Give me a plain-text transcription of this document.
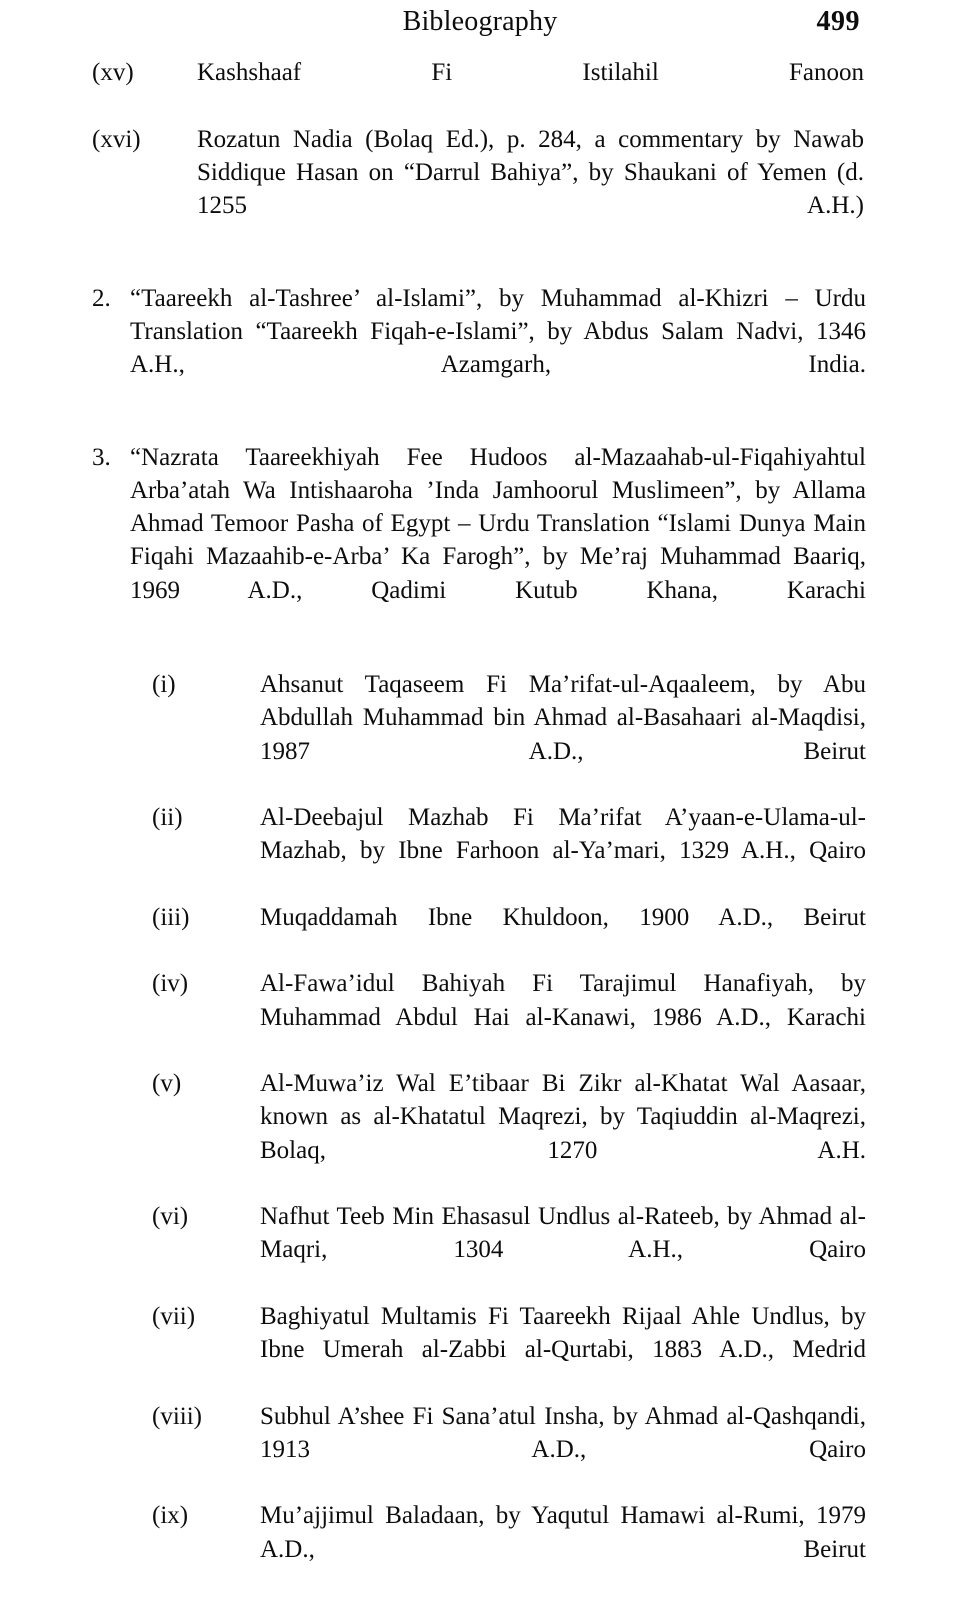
Bibleography	499
(xv)	Kashshaaf Fi Istilahil Fanoon
(xvi)	Rozatun Nadia (Bolaq Ed.), p. 284, a commentary by Nawab Siddique Hasan on “Darrul Bahiya”, by Shaukani of Yemen (d. 1255 A.H.)
2. “Taareekh al-Tashree’ al-Islami”, by Muhammad al-Khizri – Urdu Translation “Taareekh Fiqah-e-Islami”, by Abdus Salam Nadvi, 1346 A.H., Azamgarh, India.
3. “Nazrata Taareekhiyah Fee Hudoos al-Mazaahab-ul-Fiqahiyahtul Arba’atah Wa Intishaaroha ’Inda Jamhoorul Muslimeen”, by Allama Ahmad Temoor Pasha of Egypt – Urdu Translation “Islami Dunya Main Fiqahi Mazaahib-e-Arba’ Ka Farogh”, by Me’raj Muhammad Baariq, 1969 A.D., Qadimi Kutub Khana, Karachi
(i)	Ahsanut Taqaseem Fi Ma’rifat-ul-Aqaaleem, by Abu Abdullah Muhammad bin Ahmad al-Basahaari al-Maqdisi, 1987 A.D., Beirut
(ii)	Al-Deebajul Mazhab Fi Ma’rifat A’yaan-e-Ulama-ul-Mazhab, by Ibne Farhoon al-Ya’mari, 1329 A.H., Qairo
(iii)	Muqaddamah Ibne Khuldoon, 1900 A.D., Beirut
(iv)	Al-Fawa’idul Bahiyah Fi Tarajimul Hanafiyah, by Muhammad Abdul Hai al-Kanawi, 1986 A.D., Karachi
(v)	Al-Muwa’iz Wal E’tibaar Bi Zikr al-Khatat Wal Aasaar, known as al-Khatatul Maqrezi, by Taqiuddin al-Maqrezi, Bolaq, 1270 A.H.
(vi)	Nafhut Teeb Min Ehasasul Undlus al-Rateeb, by Ahmad al-Maqri, 1304 A.H., Qairo
(vii)	Baghiyatul Multamis Fi Taareekh Rijaal Ahle Undlus, by Ibne Umerah al-Zabbi al-Qurtabi, 1883 A.D., Medrid
(viii)	Subhul A’shee Fi Sana’atul Insha, by Ahmad al-Qashqandi, 1913 A.D., Qairo
(ix)	Mu’ajjimul Baladaan, by Yaqutul Hamawi al-Rumi, 1979 A.D., Beirut
